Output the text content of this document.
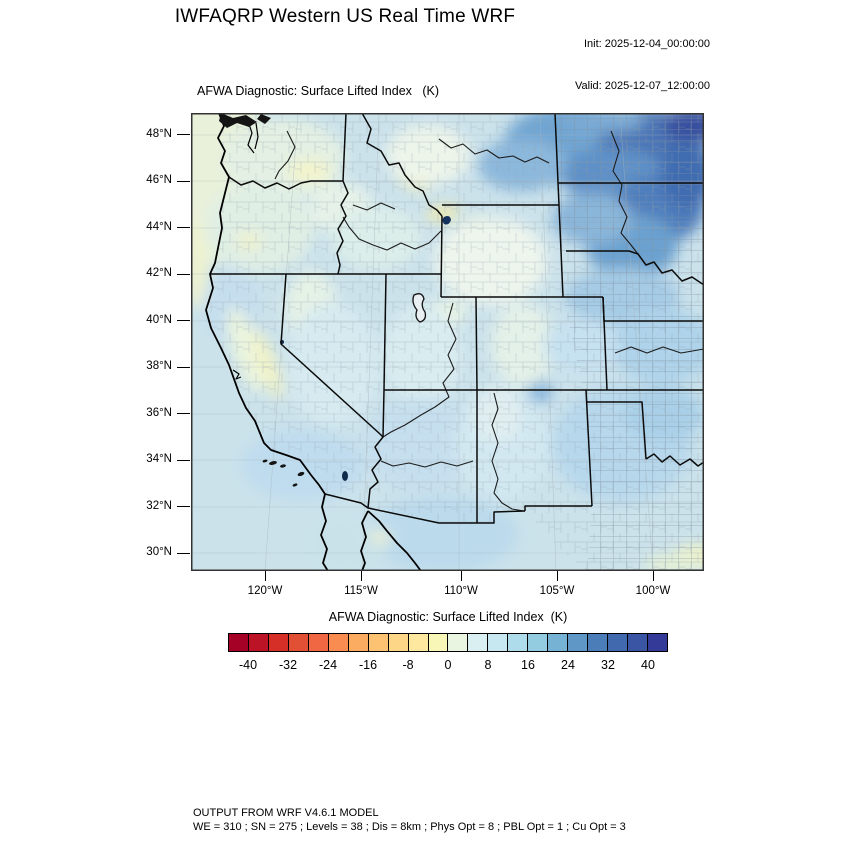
IWFAQRP Western US Real Time WRF

Init: 2025-12-04_00:00:00

Valid: 2025-12-07_12:00:00

AFWA Diagnostic: Surface Lifted Index   (K)
48°N
46°N
44°N
42°N
40°N
38°N
36°N
34°N
32°N
30°N
120°W	115°W	110°W	105°W	100°W
AFWA Diagnostic: Surface Lifted Index  (K)
-40	-32	-24	-16	-8	0	8	16	24	32	40
OUTPUT FROM WRF V4.6.1 MODEL
WE = 310 ; SN = 275 ; Levels = 38 ; Dis = 8km ; Phys Opt = 8 ; PBL Opt = 1 ; Cu Opt = 3
